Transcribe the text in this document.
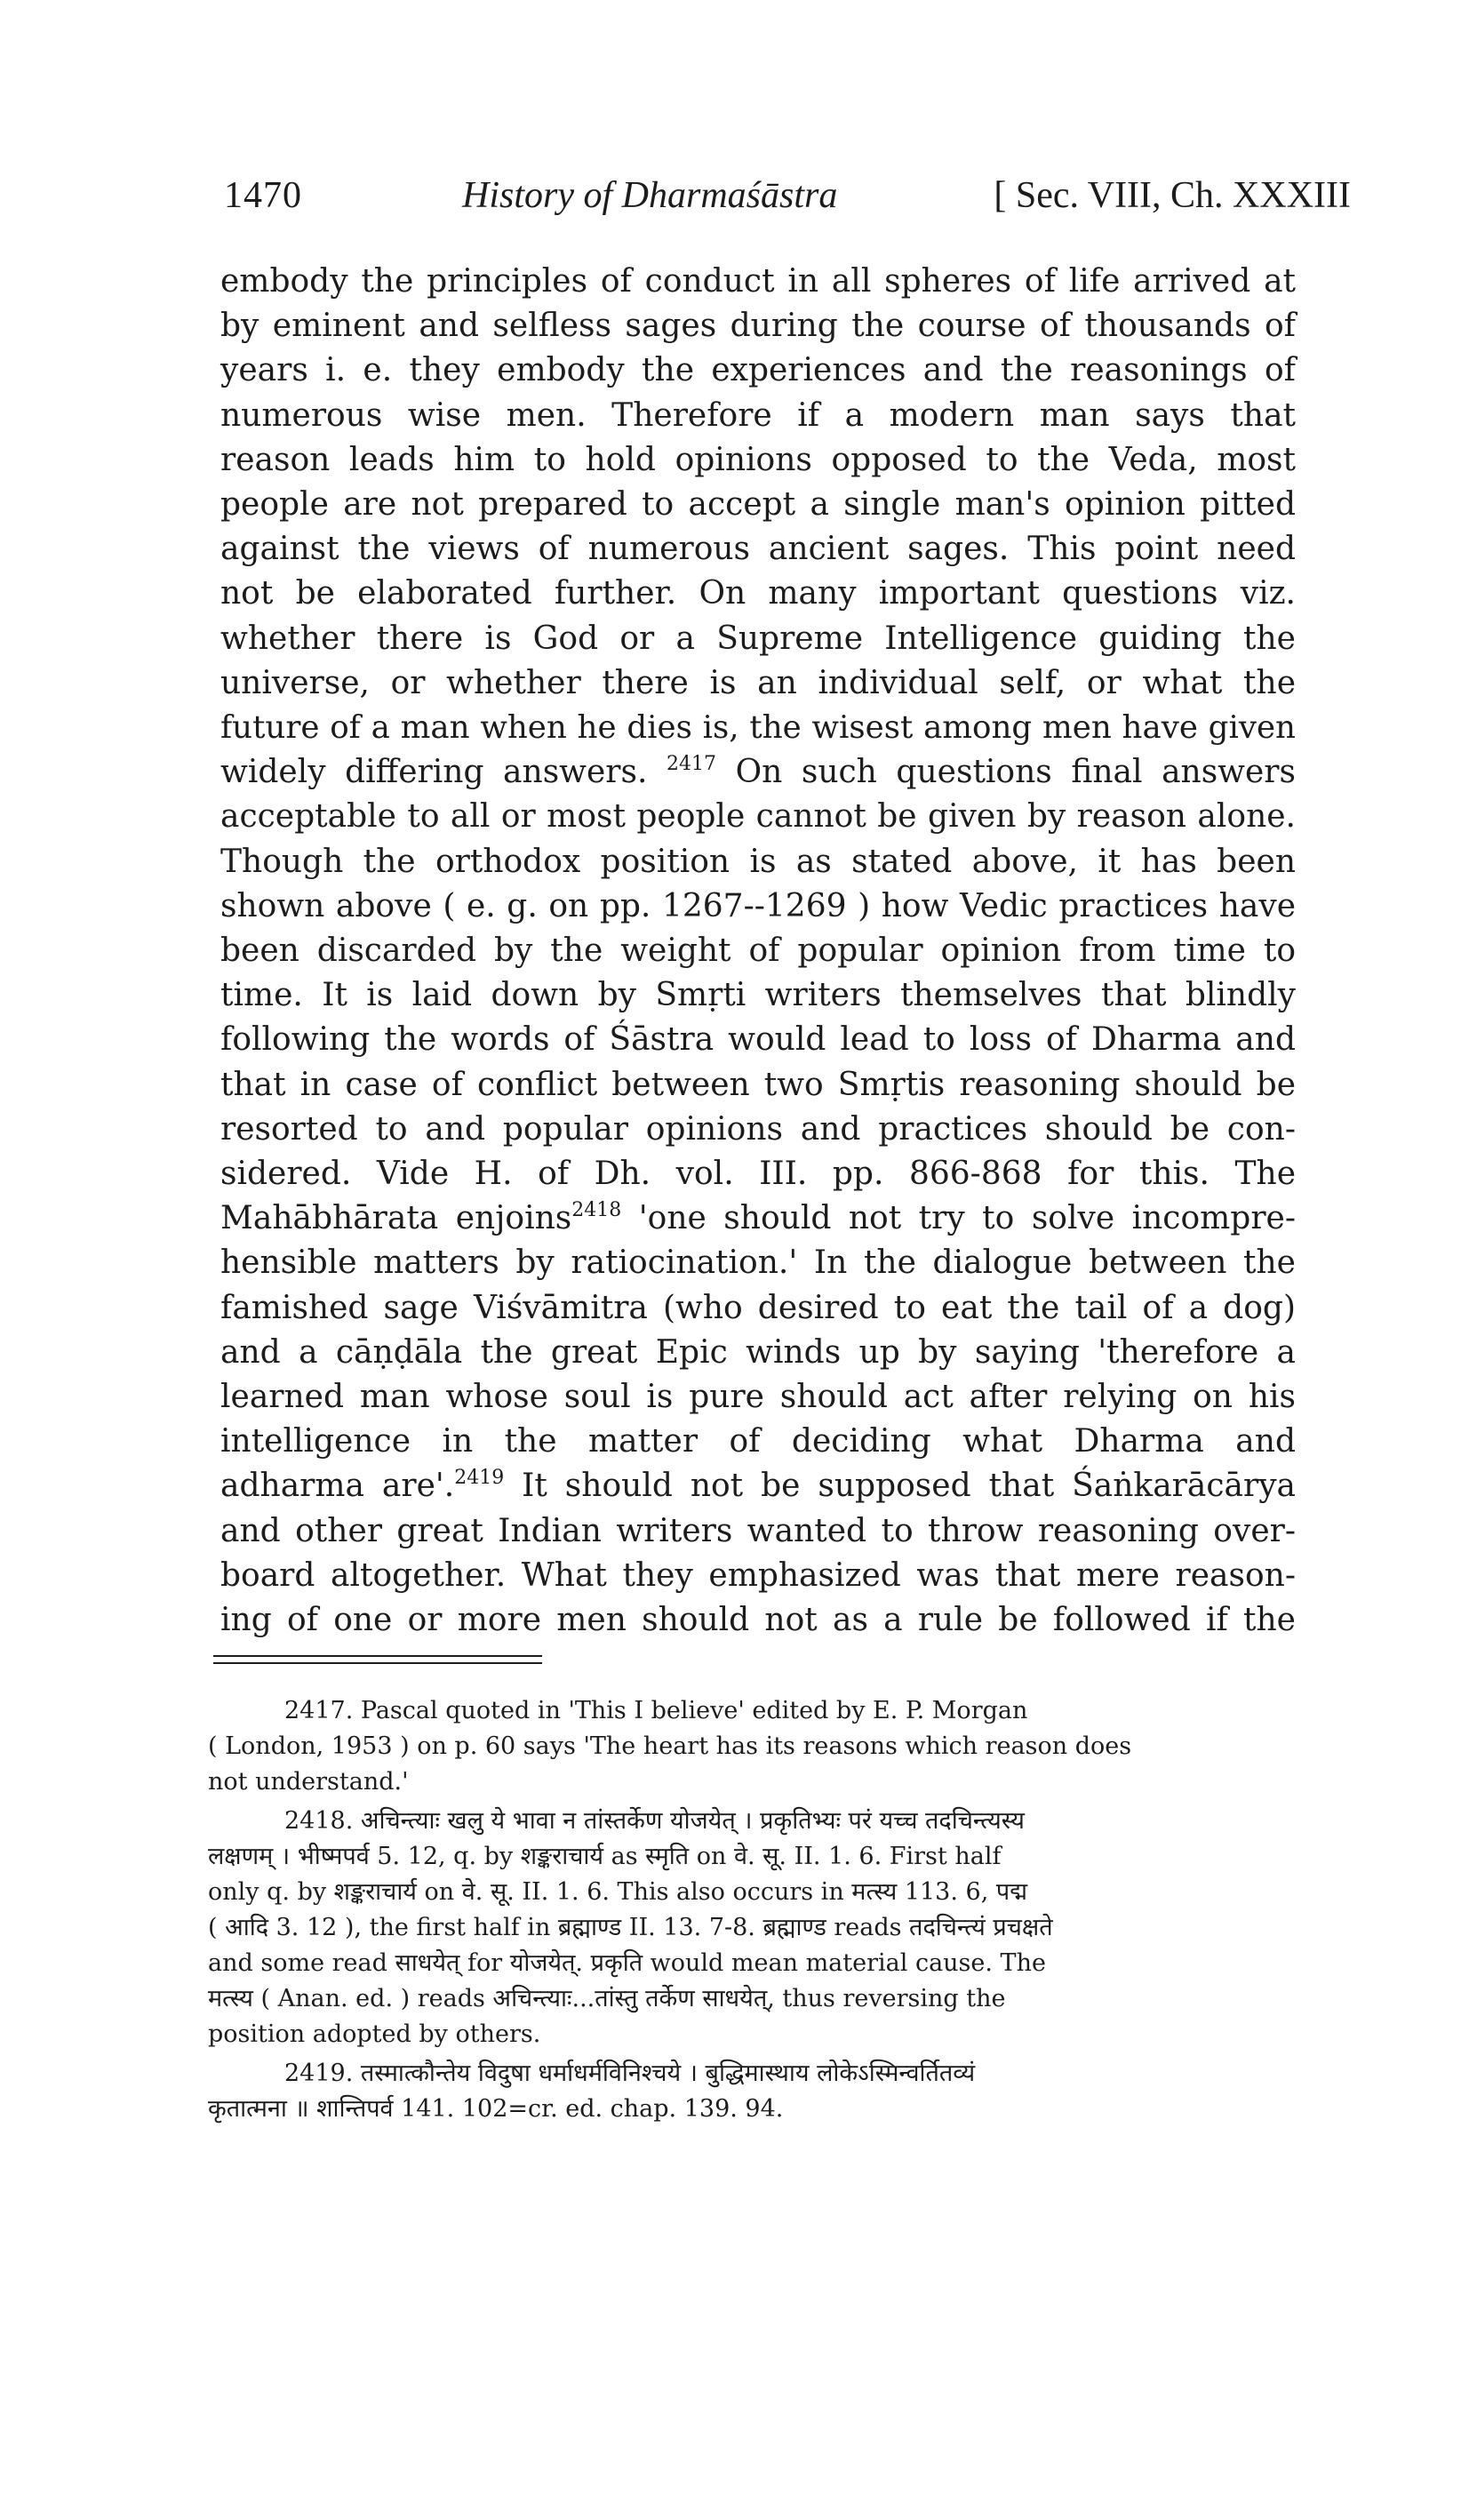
1470	History of Dharmaśāstra	[ Sec. VIII, Ch. XXXIII
embody the principles of conduct in all spheres of life arrived at
by eminent and selfless sages during the course of thousands of
years i. e. they embody the experiences and the reasonings of
numerous wise men. Therefore if a modern man says that
reason leads him to hold opinions opposed to the Veda, most
people are not prepared to accept a single man's opinion pitted
against the views of numerous ancient sages. This point need
not be elaborated further. On many important questions viz.
whether there is God or a Supreme Intelligence guiding the
universe, or whether there is an individual self, or what the
future of a man when he dies is, the wisest among men have given
widely differing answers. $^{2417}$ On such questions final answers
acceptable to all or most people cannot be given by reason alone.
Though the orthodox position is as stated above, it has been
shown above ( e. g. on pp. 1267--1269 ) how Vedic practices have
been discarded by the weight of popular opinion from time to
time. It is laid down by Smṛti writers themselves that blindly
following the words of Śāstra would lead to loss of Dharma and
that in case of conflict between two Smṛtis reasoning should be
resorted to and popular opinions and practices should be con-
sidered. Vide H. of Dh. vol. III. pp. 866-868 for this. The
Mahābhārata enjoins$^{2418}$ 'one should not try to solve incompre-
hensible matters by ratiocination.' In the dialogue between the
famished sage Viśvāmitra (who desired to eat the tail of a dog)
and a cāṇḍāla the great Epic winds up by saying 'therefore a
learned man whose soul is pure should act after relying on his
intelligence in the matter of deciding what Dharma and
adharma are'.$^{2419}$ It should not be supposed that Śaṅkarācārya
and other great Indian writers wanted to throw reasoning over-
board altogether. What they emphasized was that mere reason-
ing of one or more men should not as a rule be followed if the
2417. Pascal quoted in 'This I believe' edited by E. P. Morgan
( London, 1953 ) on p. 60 says 'The heart has its reasons which reason does
not understand.'
2418. अचिन्त्याः खलु ये भावा न तांस्तर्केण योजयेत् । प्रकृतिभ्यः परं यच्च तदचिन्त्यस्य
लक्षणम् । भीष्मपर्व 5. 12, q. by शङ्कराचार्य as स्मृति on वे. सू. II. 1. 6. First half
only q. by शङ्कराचार्य on वे. सू. II. 1. 6. This also occurs in मत्स्य 113. 6, पद्म
( आदि 3. 12 ), the first half in ब्रह्माण्ड II. 13. 7-8. ब्रह्माण्ड reads तदचिन्त्यं प्रचक्षते
and some read साधयेत् for योजयेत्. प्रकृति would mean material cause. The
मत्स्य ( Anan. ed. ) reads अचिन्त्याः...तांस्तु तर्केण साधयेत्, thus reversing the
position adopted by others.
2419. तस्मात्कौन्तेय विदुषा धर्माधर्मविनिश्चये । बुद्धिमास्थाय लोकेऽस्मिन्वर्तितव्यं
कृतात्मना ॥ शान्तिपर्व 141. 102=cr. ed. chap. 139. 94.
